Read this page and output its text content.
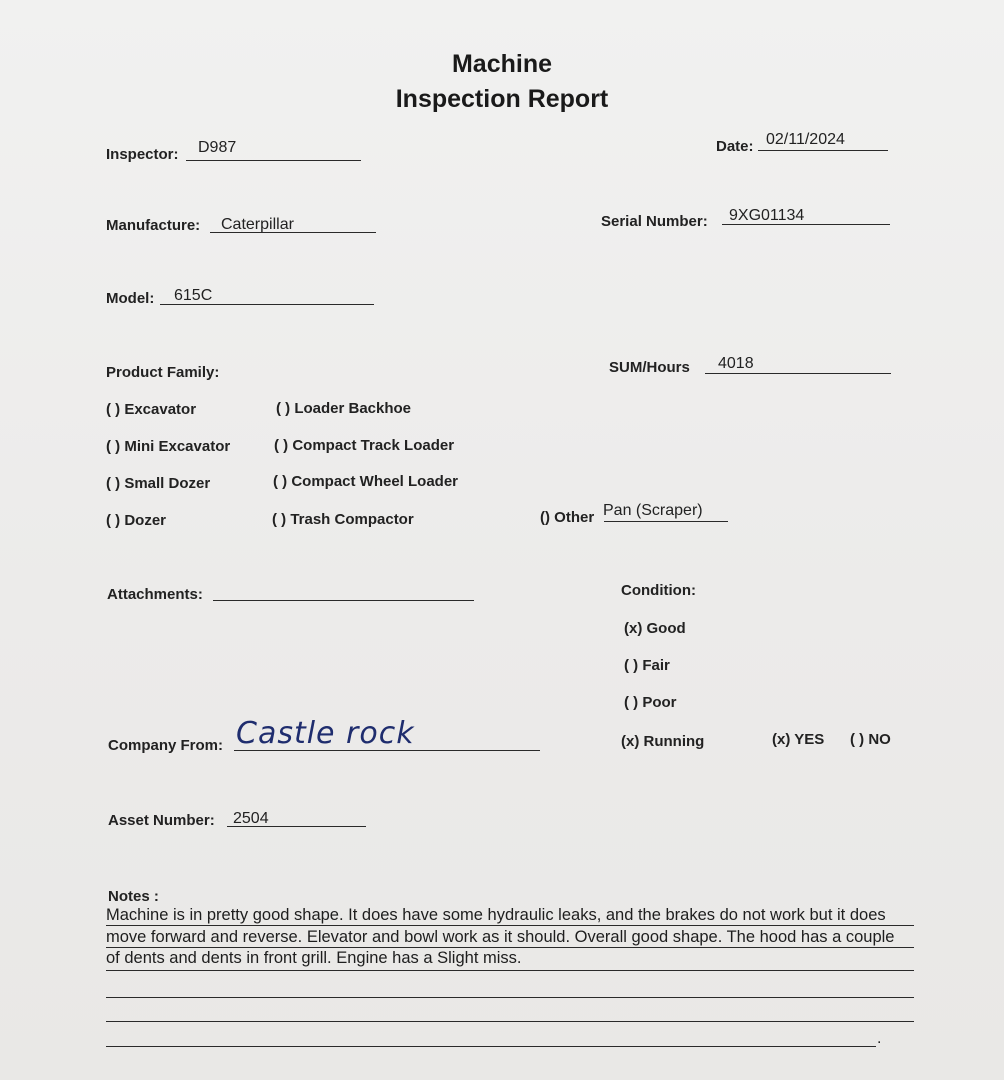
Machine
Inspection Report
Inspector: D987	Date: 02/11/2024
Manufacture: Caterpillar	Serial Number: 9XG01134
Model: 615C
Product Family:	SUM/Hours 4018
( ) Excavator	( ) Loader Backhoe
( ) Mini Excavator	( ) Compact Track Loader
( ) Small Dozer	( ) Compact Wheel Loader
( ) Dozer	( ) Trash Compactor	() Other Pan (Scraper)
Attachments:	Condition:
(x) Good
( ) Fair
( ) Poor
(x) Running	(x) YES ( ) NO
Company From: Castle rock
Asset Number: 2504
Notes :
Machine is in pretty good shape. It does have some hydraulic leaks, and the brakes do not work but it does
move forward and reverse. Elevator and bowl work as it should. Overall good shape. The hood has a couple
of dents and dents in front grill. Engine has a Slight miss.
.
